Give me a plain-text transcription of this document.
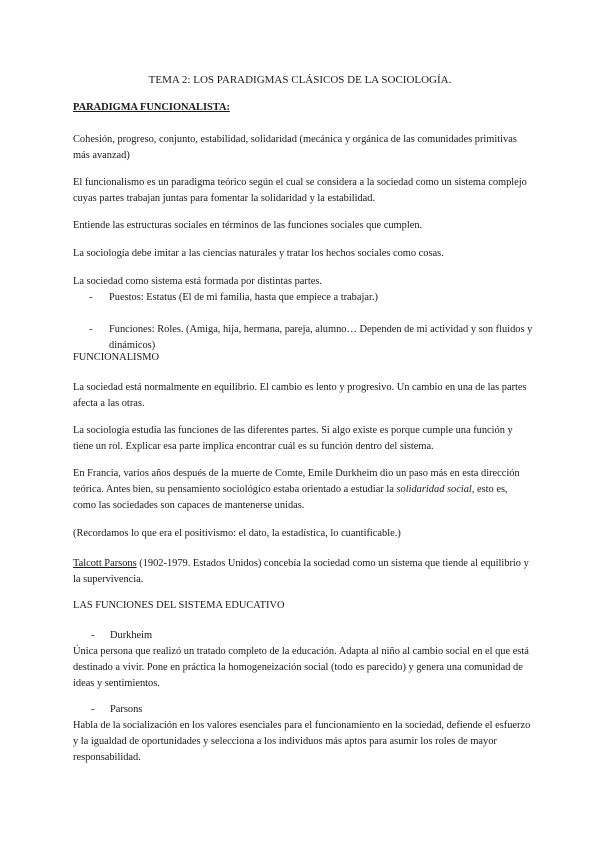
TEMA 2: LOS PARADIGMAS CLÁSICOS DE LA SOCIOLOGÍA.

PARADIGMA FUNCIONALISTA:

Cohesión, progreso, conjunto, estabilidad, solidaridad (mecánica y orgánica de las comunidades primitivas más avanzad)

El funcionalismo es un paradigma teórico según el cual se considera a la sociedad como un sistema complejo cuyas partes trabajan juntas para fomentar la solidaridad y la estabilidad.

Entiende las estructuras sociales en términos de las funciones sociales que cumplen.

La sociología debe imitar a las ciencias naturales y tratar los hechos sociales como cosas.

La sociedad como sistema está formada por distintas partes.

- Puestos: Estatus (El de mi familia, hasta que empiece a trabajar.)
- Funciones: Roles. (Amiga, hija, hermana, pareja, alumno… Dependen de mi actividad y son fluidos y dinámicos)

FUNCIONALISMO

La sociedad está normalmente en equilibrio. El cambio es lento y progresivo. Un cambio en una de las partes afecta a las otras.

La sociología estudia las funciones de las diferentes partes. Si algo existe es porque cumple una función y tiene un rol. Explicar esa parte implica encontrar cuál es su función dentro del sistema.

En Francia, varios años después de la muerte de Comte, Emile Durkheim dio un paso más en esta dirección teórica. Antes bien, su pensamiento sociológico estaba orientado a estudiar la solidaridad social, esto es, como las sociedades son capaces de mantenerse unidas.

(Recordamos lo que era el positivismo: el dato, la estadística, lo cuantificable.)

Talcott Parsons (1902-1979. Estados Unidos) concebía la sociedad como un sistema que tiende al equilibrio y la supervivencia.

LAS FUNCIONES DEL SISTEMA EDUCATIVO

- Durkheim

Única persona que realizó un tratado completo de la educación. Adapta al niño al cambio social en el que está destinado a vivir. Pone en práctica la homogeneización social (todo es parecido) y genera una comunidad de ideas y sentimientos.

- Parsons

Habla de la socialización en los valores esenciales para el funcionamiento en la sociedad, defiende el esfuerzo y la igualdad de oportunidades y selecciona a los individuos más aptos para asumir los roles de mayor responsabilidad.
